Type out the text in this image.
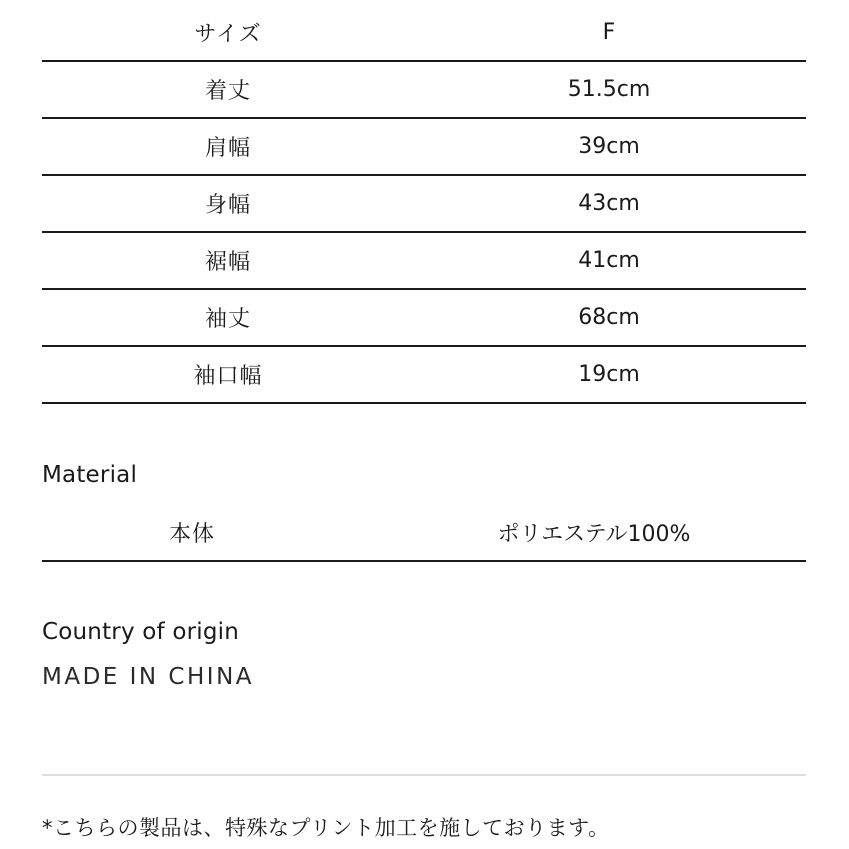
サイズ	F
着丈	51.5cm
肩幅	39cm
身幅	43cm
裾幅	41cm
袖丈	68cm
袖口幅	19cm
Material
本体	ポリエステル100%
Country of origin
MADE IN CHINA
*こちらの製品は、特殊なプリント加工を施しております。
